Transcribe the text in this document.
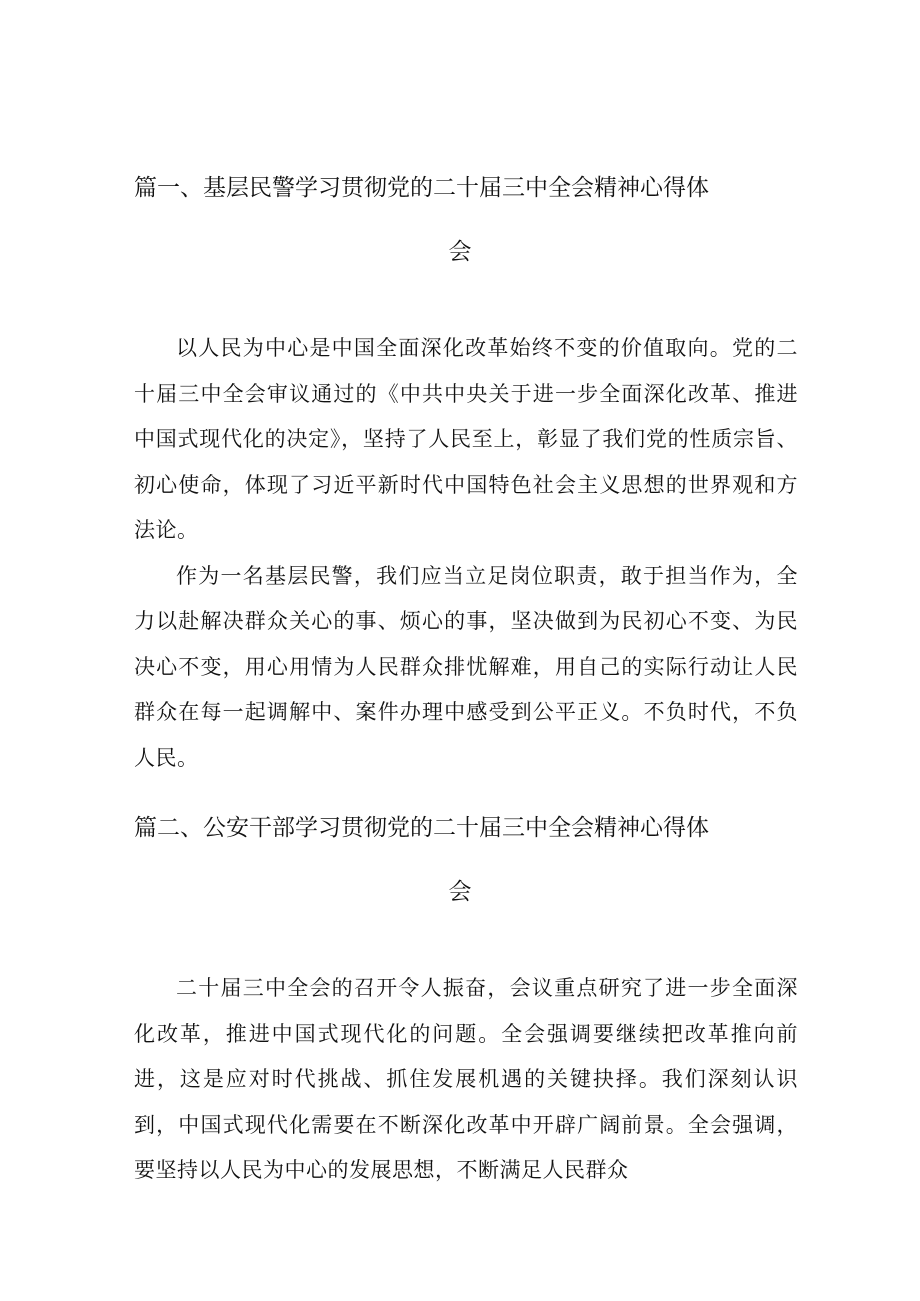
篇一、基层民警学习贯彻党的二十届三中全会精神心得体
会

以人民为中心是中国全面深化改革始终不变的价值取向。党的二十届三中全会审议通过的《中共中央关于进一步全面深化改革、推进中国式现代化的决定》，坚持了人民至上，彰显了我们党的性质宗旨、初心使命，体现了习近平新时代中国特色社会主义思想的世界观和方法论。

作为一名基层民警，我们应当立足岗位职责，敢于担当作为，全力以赴解决群众关心的事、烦心的事，坚决做到为民初心不变、为民决心不变，用心用情为人民群众排忧解难，用自己的实际行动让人民群众在每一起调解中、案件办理中感受到公平正义。不负时代，不负人民。

篇二、公安干部学习贯彻党的二十届三中全会精神心得体
会

二十届三中全会的召开令人振奋，会议重点研究了进一步全面深化改革，推进中国式现代化的问题。全会强调要继续把改革推向前进，这是应对时代挑战、抓住发展机遇的关键抉择。我们深刻认识到，中国式现代化需要在不断深化改革中开辟广阔前景。全会强调，要坚持以人民为中心的发展思想，不断满足人民群众
